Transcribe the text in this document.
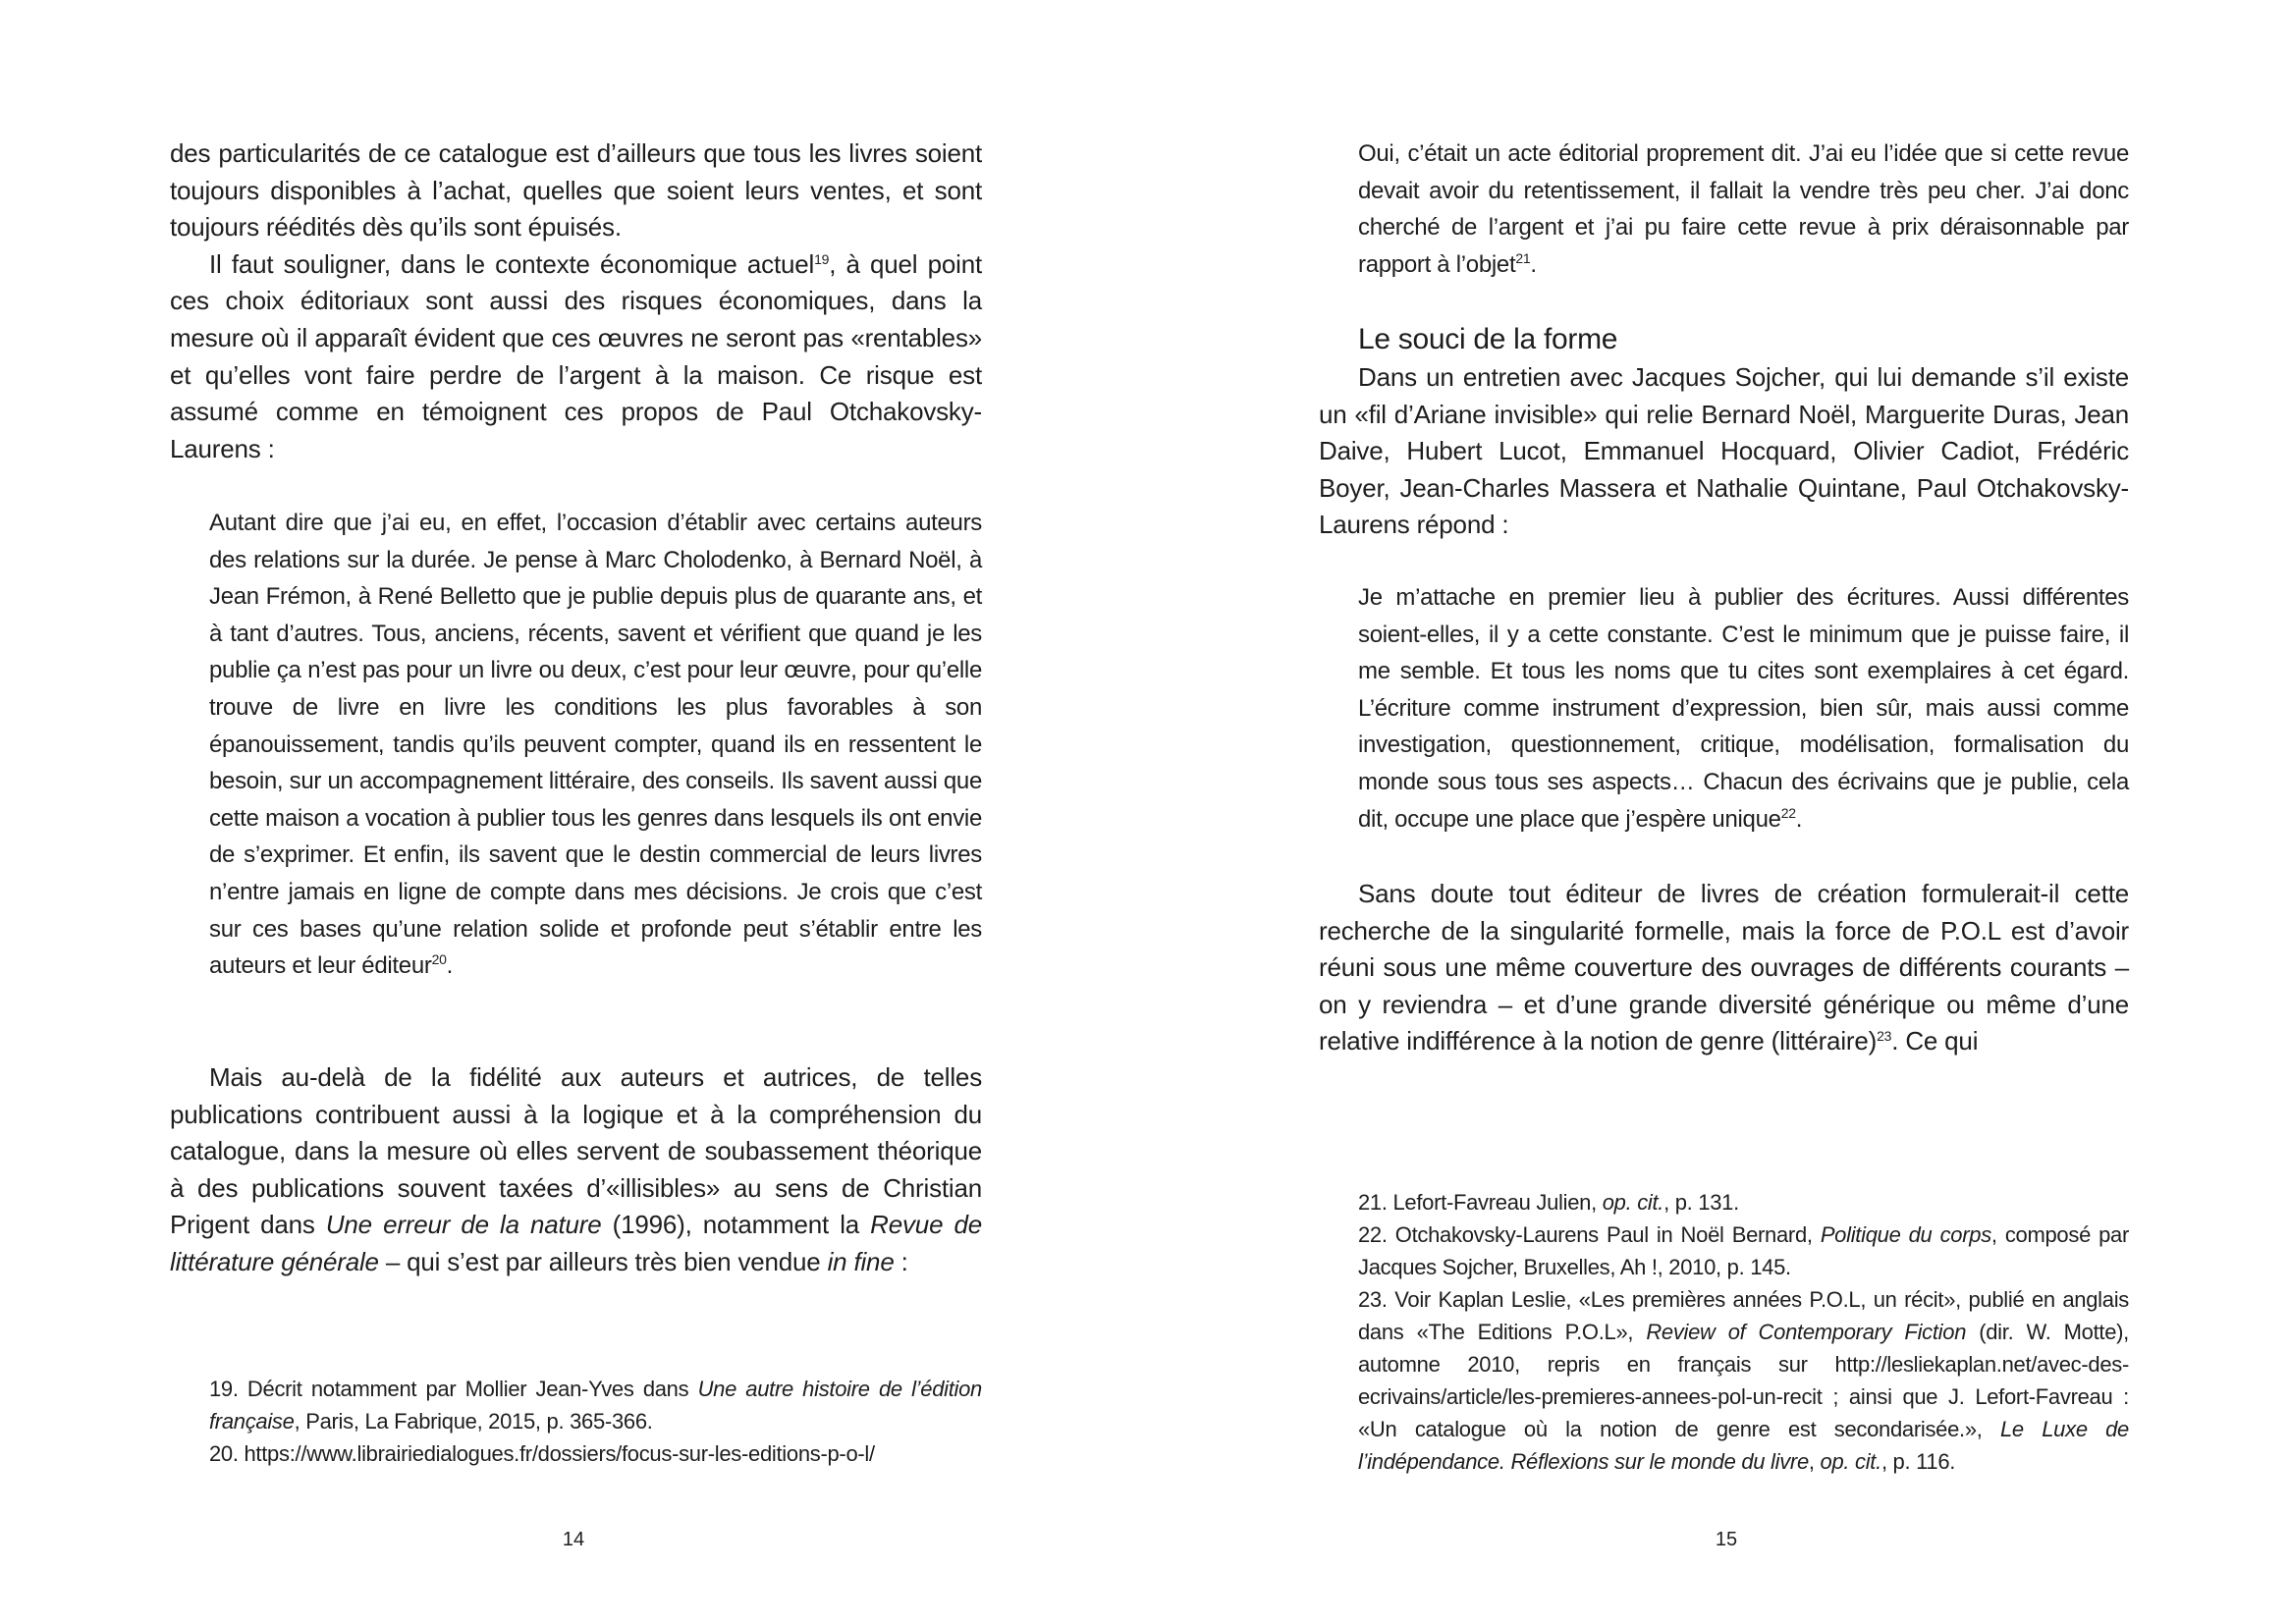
des particularités de ce catalogue est d’ailleurs que tous les livres soient toujours disponibles à l’achat, quelles que soient leurs ventes, et sont toujours réédités dès qu’ils sont épuisés.

Il faut souligner, dans le contexte économique actuel$^{19}$, à quel point ces choix éditoriaux sont aussi des risques économiques, dans la mesure où il apparaît évident que ces œuvres ne seront pas «rentables» et qu’elles vont faire perdre de l’argent à la maison. Ce risque est assumé comme en témoignent ces propos de Paul Otchakovsky-Laurens :

Autant dire que j’ai eu, en effet, l’occasion d’établir avec certains auteurs des relations sur la durée. Je pense à Marc Cholodenko, à Bernard Noël, à Jean Frémon, à René Belletto que je publie depuis plus de quarante ans, et à tant d’autres. Tous, anciens, récents, savent et vérifient que quand je les publie ça n’est pas pour un livre ou deux, c’est pour leur œuvre, pour qu’elle trouve de livre en livre les conditions les plus favorables à son épanouissement, tandis qu’ils peuvent compter, quand ils en ressentent le besoin, sur un accompagnement littéraire, des conseils. Ils savent aussi que cette maison a vocation à publier tous les genres dans lesquels ils ont envie de s’exprimer. Et enfin, ils savent que le destin commercial de leurs livres n’entre jamais en ligne de compte dans mes décisions. Je crois que c’est sur ces bases qu’une relation solide et profonde peut s’établir entre les auteurs et leur éditeur$^{20}$.

Mais au-delà de la fidélité aux auteurs et autrices, de telles publications contribuent aussi à la logique et à la compréhension du catalogue, dans la mesure où elles servent de soubassement théorique à des publications souvent taxées d’«illisibles» au sens de Christian Prigent dans Une erreur de la nature (1996), notamment la Revue de littérature générale – qui s’est par ailleurs très bien vendue in fine :

19. Décrit notamment par Mollier Jean-Yves dans Une autre histoire de l’édition française, Paris, La Fabrique, 2015, p. 365-366.

20. https://www.librairiedialogues.fr/dossiers/focus-sur-les-editions-p-o-l/

14

Oui, c’était un acte éditorial proprement dit. J’ai eu l’idée que si cette revue devait avoir du retentissement, il fallait la vendre très peu cher. J’ai donc cherché de l’argent et j’ai pu faire cette revue à prix déraisonnable par rapport à l’objet$^{21}$.

Le souci de la forme

Dans un entretien avec Jacques Sojcher, qui lui demande s’il existe un «fil d’Ariane invisible» qui relie Bernard Noël, Marguerite Duras, Jean Daive, Hubert Lucot, Emmanuel Hocquard, Olivier Cadiot, Frédéric Boyer, Jean-Charles Massera et Nathalie Quintane, Paul Otchakovsky-Laurens répond :

Je m’attache en premier lieu à publier des écritures. Aussi différentes soient-elles, il y a cette constante. C’est le minimum que je puisse faire, il me semble. Et tous les noms que tu cites sont exemplaires à cet égard. L’écriture comme instrument d’expression, bien sûr, mais aussi comme investigation, questionnement, critique, modélisation, formalisation du monde sous tous ses aspects… Chacun des écrivains que je publie, cela dit, occupe une place que j’espère unique$^{22}$.

Sans doute tout éditeur de livres de création formulerait-il cette recherche de la singularité formelle, mais la force de P.O.L est d’avoir réuni sous une même couverture des ouvrages de différents courants – on y reviendra – et d’une grande diversité générique ou même d’une relative indifférence à la notion de genre (littéraire)$^{23}$. Ce qui

21. Lefort-Favreau Julien, op. cit., p. 131.

22. Otchakovsky-Laurens Paul in Noël Bernard, Politique du corps, composé par Jacques Sojcher, Bruxelles, Ah !, 2010, p. 145.

23. Voir Kaplan Leslie, «Les premières années P.O.L, un récit», publié en anglais dans «The Editions P.O.L», Review of Contemporary Fiction (dir. W. Motte), automne 2010, repris en français sur http://lesliekaplan.net/avec-des-ecrivains/article/les-premieres-annees-pol-un-recit ; ainsi que J. Lefort-Favreau : «Un catalogue où la notion de genre est secondarisée.», Le Luxe de l’indépendance. Réflexions sur le monde du livre, op. cit., p. 116.

15
